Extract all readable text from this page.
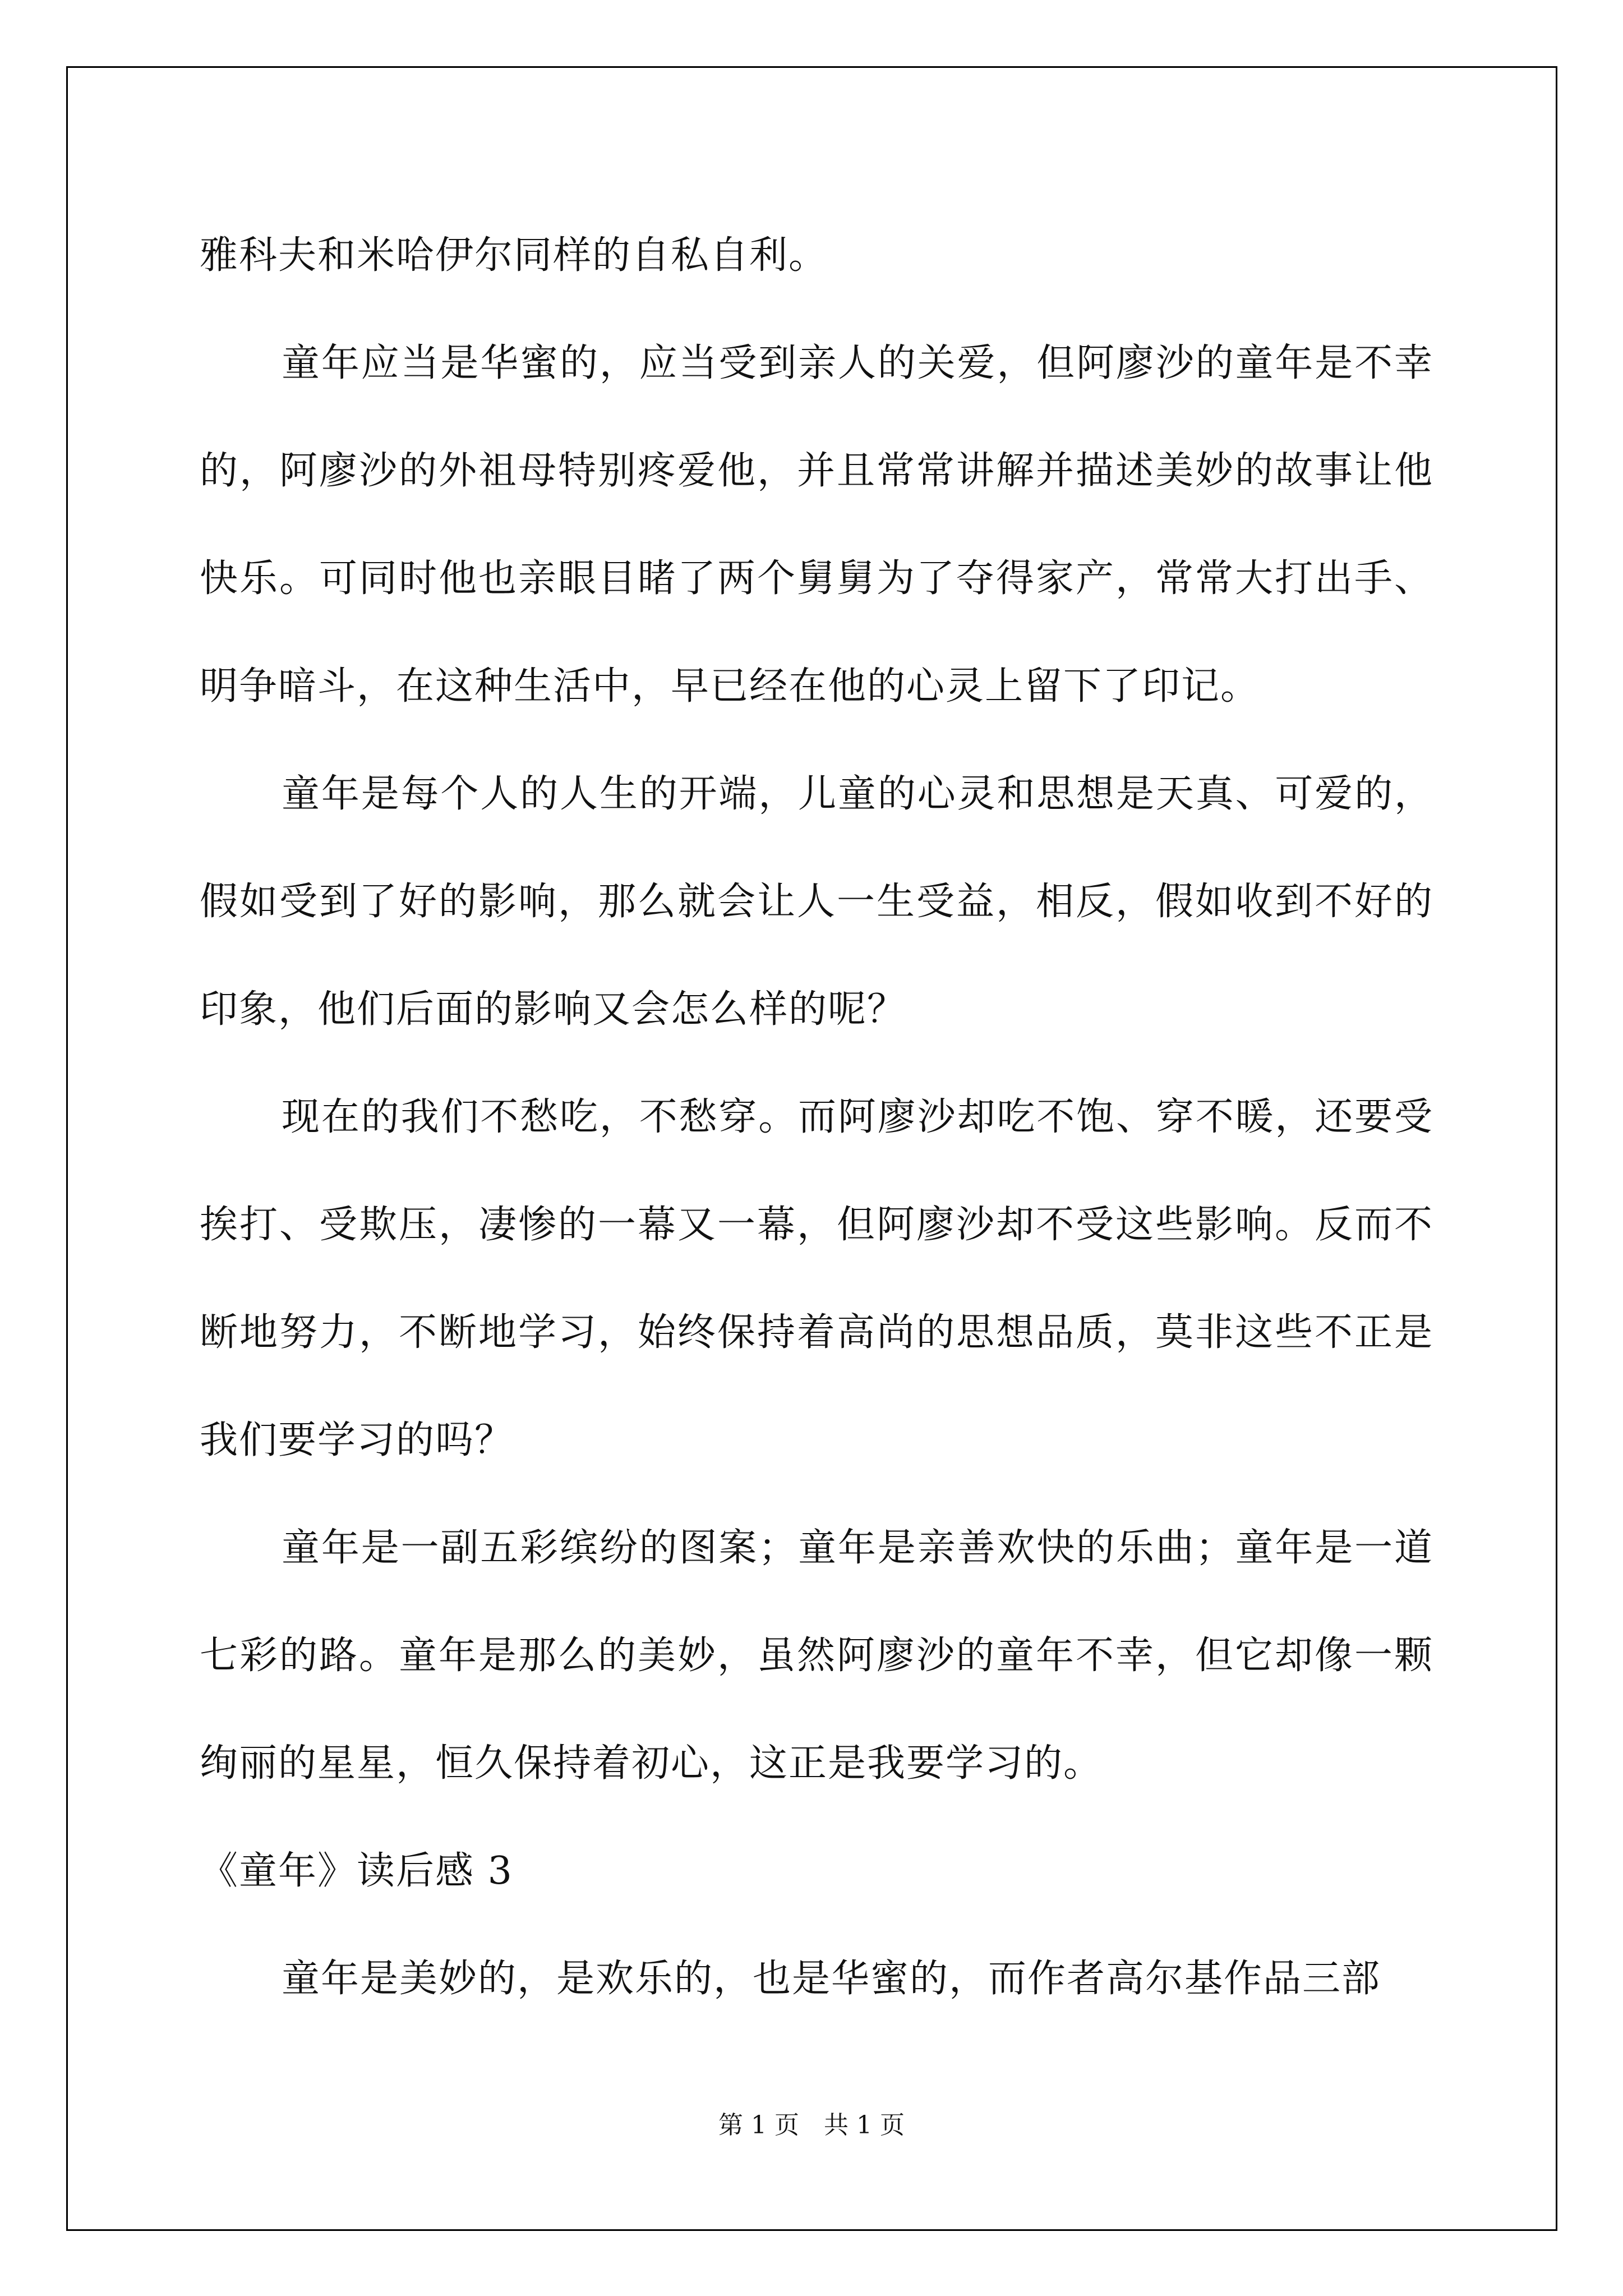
雅科夫和米哈伊尔同样的自私自利。

童年应当是华蜜的，应当受到亲人的关爱，但阿廖沙的童年是不幸的，阿廖沙的外祖母特别疼爱他，并且常常讲解并描述美妙的故事让他快乐。可同时他也亲眼目睹了两个舅舅为了夺得家产，常常大打出手、明争暗斗，在这种生活中，早已经在他的心灵上留下了印记。

童年是每个人的人生的开端，儿童的心灵和思想是天真、可爱的，假如受到了好的影响，那么就会让人一生受益，相反，假如收到不好的印象，他们后面的影响又会怎么样的呢？

现在的我们不愁吃，不愁穿。而阿廖沙却吃不饱、穿不暖，还要受挨打、受欺压，凄惨的一幕又一幕，但阿廖沙却不受这些影响。反而不断地努力，不断地学习，始终保持着高尚的思想品质，莫非这些不正是我们要学习的吗？

童年是一副五彩缤纷的图案；童年是亲善欢快的乐曲；童年是一道七彩的路。童年是那么的美妙，虽然阿廖沙的童年不幸，但它却像一颗绚丽的星星，恒久保持着初心，这正是我要学习的。

《童年》读后感 3

童年是美妙的，是欢乐的，也是华蜜的，而作者高尔基作品三部

第 1 页　共 1 页
